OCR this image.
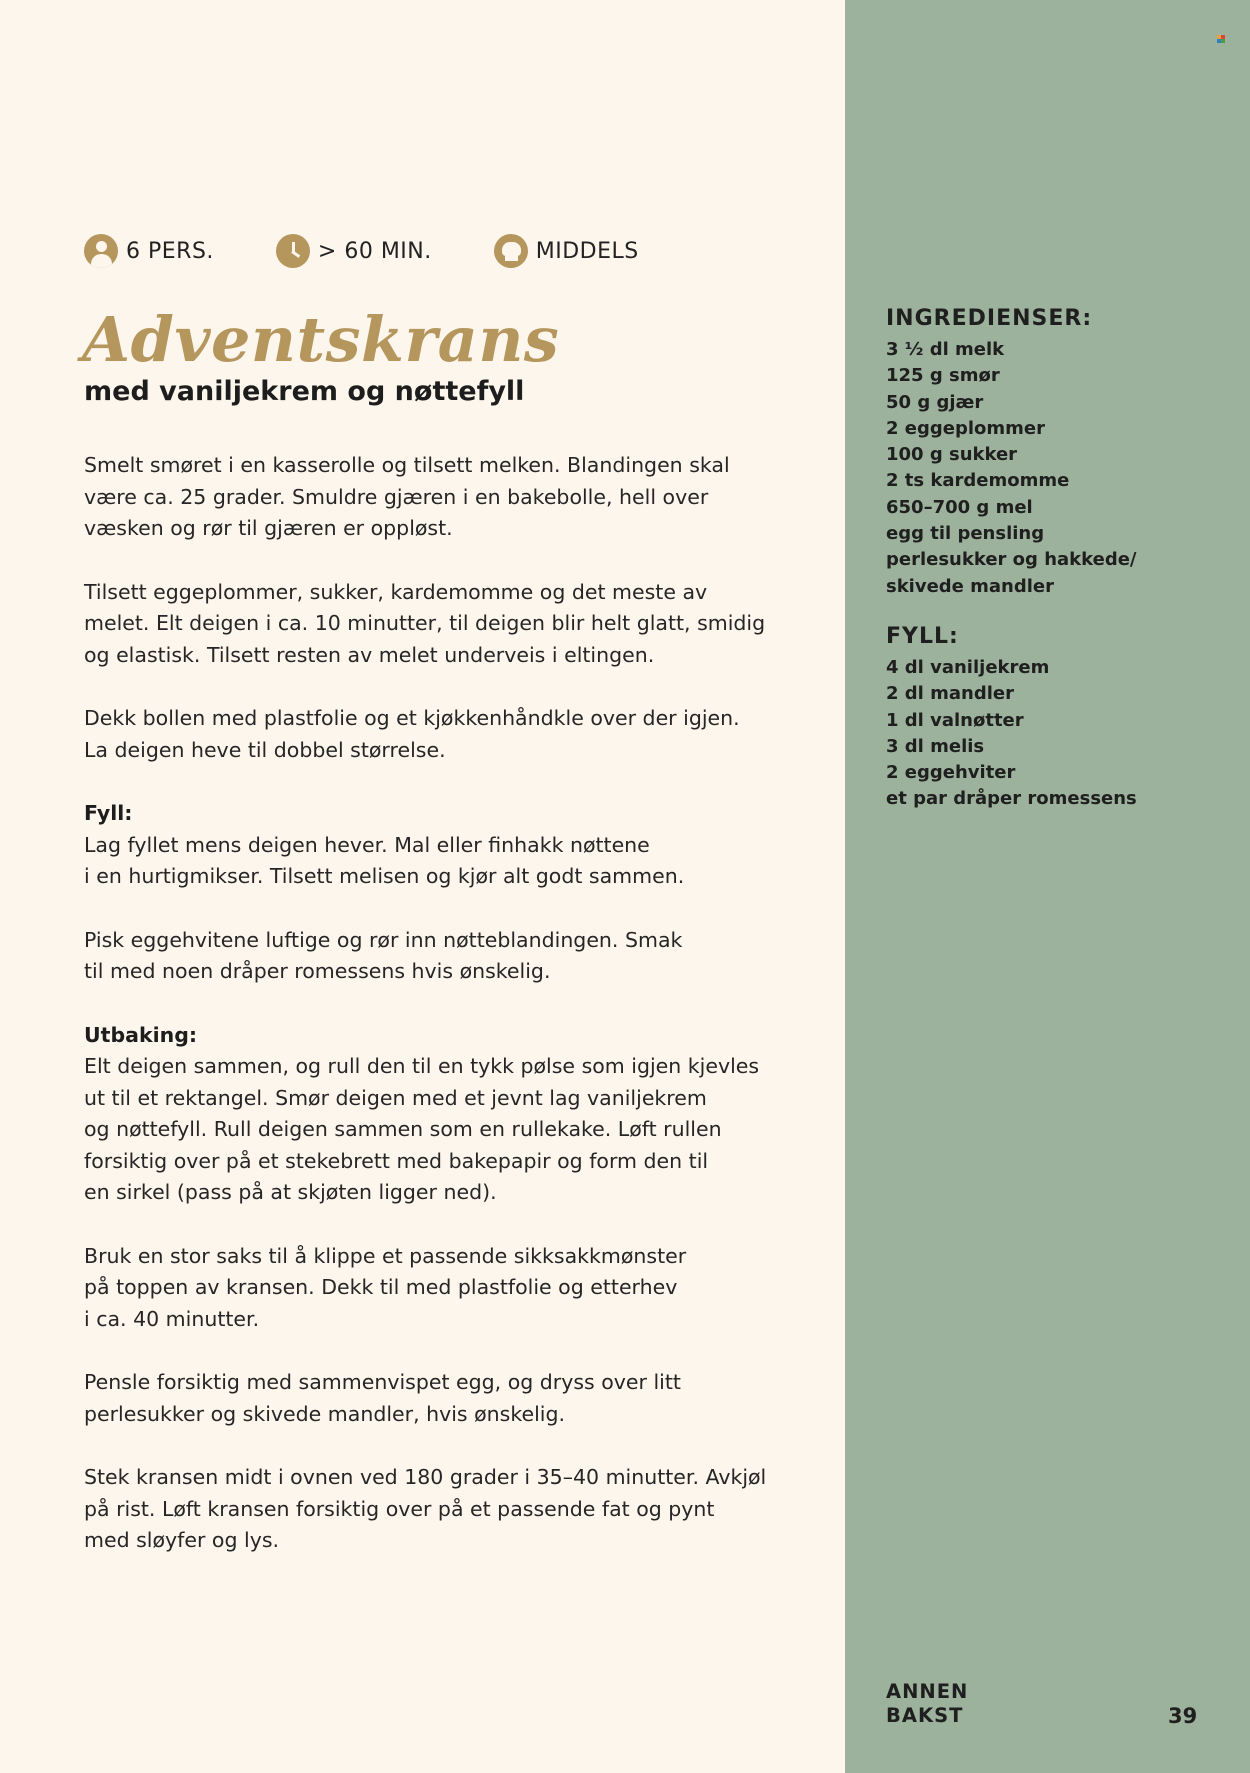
6 PERS.	> 60 MIN.	MIDDELS
Adventskrans
med vaniljekrem og nøttefyll

Smelt smøret i en kasserolle og tilsett melken. Blandingen skal
være ca. 25 grader. Smuldre gjæren i en bakebolle, hell over
væsken og rør til gjæren er oppløst.

Tilsett eggeplommer, sukker, kardemomme og det meste av
melet. Elt deigen i ca. 10 minutter, til deigen blir helt glatt, smidig
og elastisk. Tilsett resten av melet underveis i eltingen.

Dekk bollen med plastfolie og et kjøkkenhåndkle over der igjen.
La deigen heve til dobbel størrelse.

Fyll:

Lag fyllet mens deigen hever. Mal eller finhakk nøttene
i en hurtigmikser. Tilsett melisen og kjør alt godt sammen.

Pisk eggehvitene luftige og rør inn nøtteblandingen. Smak
til med noen dråper romessens hvis ønskelig.

Utbaking:

Elt deigen sammen, og rull den til en tykk pølse som igjen kjevles
ut til et rektangel. Smør deigen med et jevnt lag vaniljekrem
og nøttefyll. Rull deigen sammen som en rullekake. Løft rullen
forsiktig over på et stekebrett med bakepapir og form den til
en sirkel (pass på at skjøten ligger ned).

Bruk en stor saks til å klippe et passende sikksakkmønster
på toppen av kransen. Dekk til med plastfolie og etterhev
i ca. 40 minutter.

Pensle forsiktig med sammenvispet egg, og dryss over litt
perlesukker og skivede mandler, hvis ønskelig.

Stek kransen midt i ovnen ved 180 grader i 35–40 minutter. Avkjøl
på rist. Løft kransen forsiktig over på et passende fat og pynt
med sløyfer og lys.

INGREDIENSER:

3 ½ dl melk
125 g smør
50 g gjær
2 eggeplommer
100 g sukker
2 ts kardemomme
650–700 g mel
egg til pensling
perlesukker og hakkede/
skivede mandler

FYLL:

4 dl vaniljekrem
2 dl mandler
1 dl valnøtter
3 dl melis
2 eggehviter
et par dråper romessens
ANNEN
BAKST	39
